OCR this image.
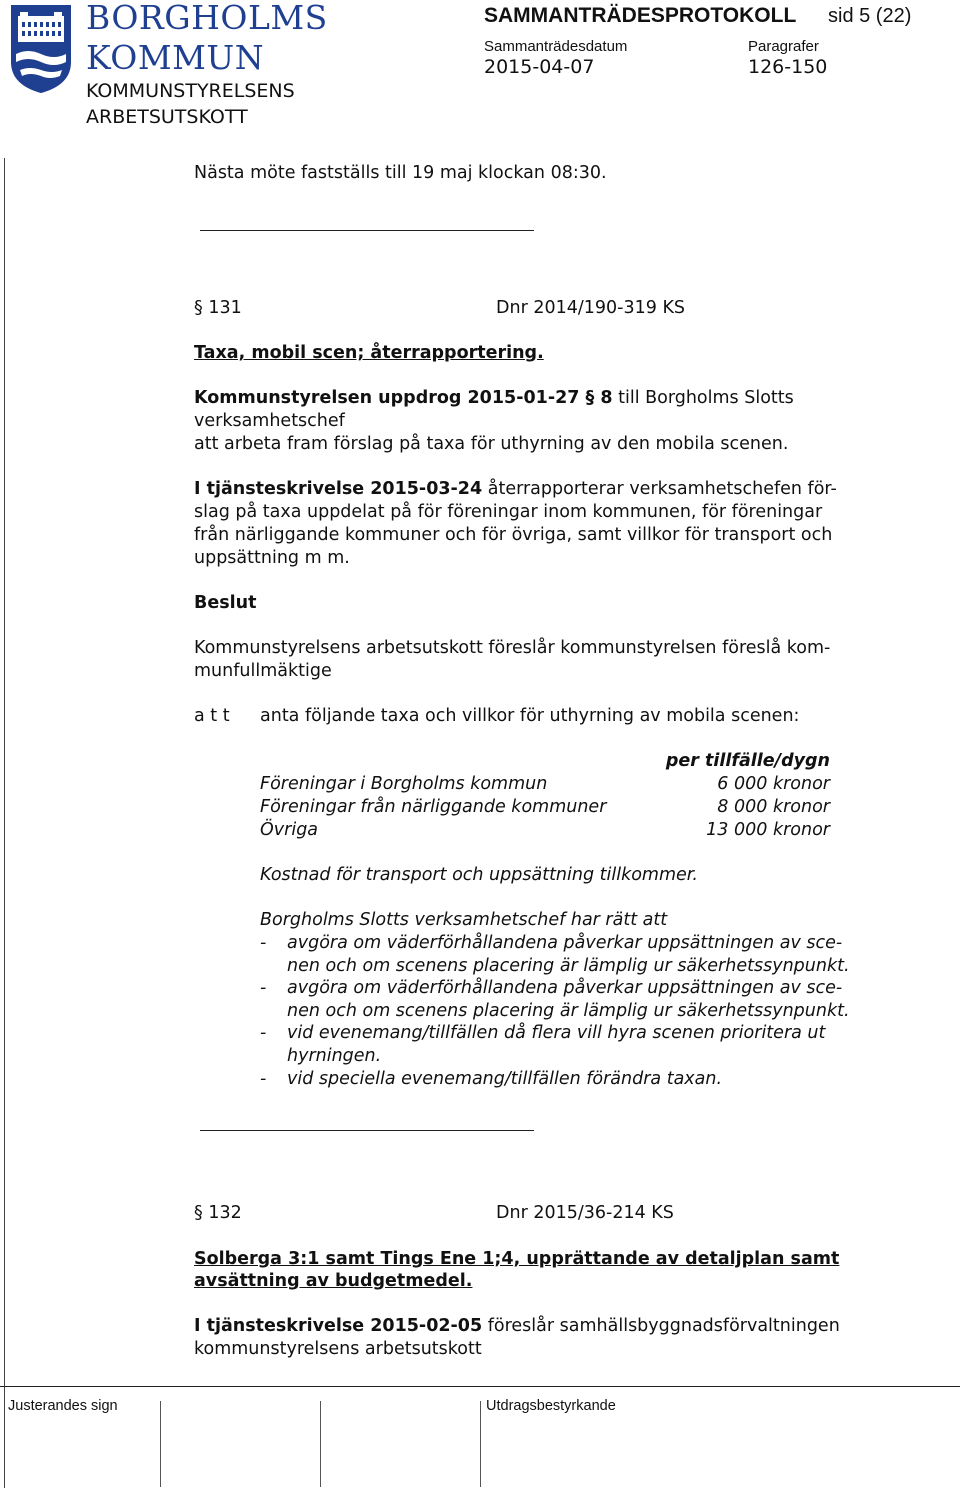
BORGHOLMS
KOMMUN
KOMMUNSTYRELSENS
ARBETSUTSKOTT
SAMMANTRÄDESPROTOKOLL sid 5 (22)
Sammanträdesdatum
2015-04-07
Paragrafer
126-150
Nästa möte fastställs till 19 maj klockan 08:30.
§ 131	Dnr 2014/190-319 KS
Taxa, mobil scen; återrapportering.
Kommunstyrelsen uppdrog 2015-01-27 § 8 till Borgholms Slotts
verksamhetschef
att arbeta fram förslag på taxa för uthyrning av den mobila scenen.
I tjänsteskrivelse 2015-03-24 återrapporterar verksamhetschefen för-
slag på taxa uppdelat på för föreningar inom kommunen, för föreningar
från närliggande kommuner och för övriga, samt villkor för transport och
uppsättning m m.
Beslut
Kommunstyrelsens arbetsutskott föreslår kommunstyrelsen föreslå kom-
munfullmäktige
a t t anta följande taxa och villkor för uthyrning av mobila scenen:
per tillfälle/dygn
Föreningar i Borgholms kommun	6 000 kronor
Föreningar från närliggande kommuner	8 000 kronor
Övriga	13 000 kronor
Kostnad för transport och uppsättning tillkommer.
Borgholms Slotts verksamhetschef har rätt att
- avgöra om väderförhållandena påverkar uppsättningen av sce-
nen och om scenens placering är lämplig ur säkerhetssynpunkt.
- avgöra om väderförhållandena påverkar uppsättningen av sce-
nen och om scenens placering är lämplig ur säkerhetssynpunkt.
- vid evenemang/tillfällen då flera vill hyra scenen prioritera ut
hyrningen.
- vid speciella evenemang/tillfällen förändra taxan.
§ 132	Dnr 2015/36-214 KS
Solberga 3:1 samt Tings Ene 1;4, upprättande av detaljplan samt
avsättning av budgetmedel.
I tjänsteskrivelse 2015-02-05 föreslår samhällsbyggnadsförvaltningen
kommunstyrelsens arbetsutskott
Justerandes sign	Utdragsbestyrkande
